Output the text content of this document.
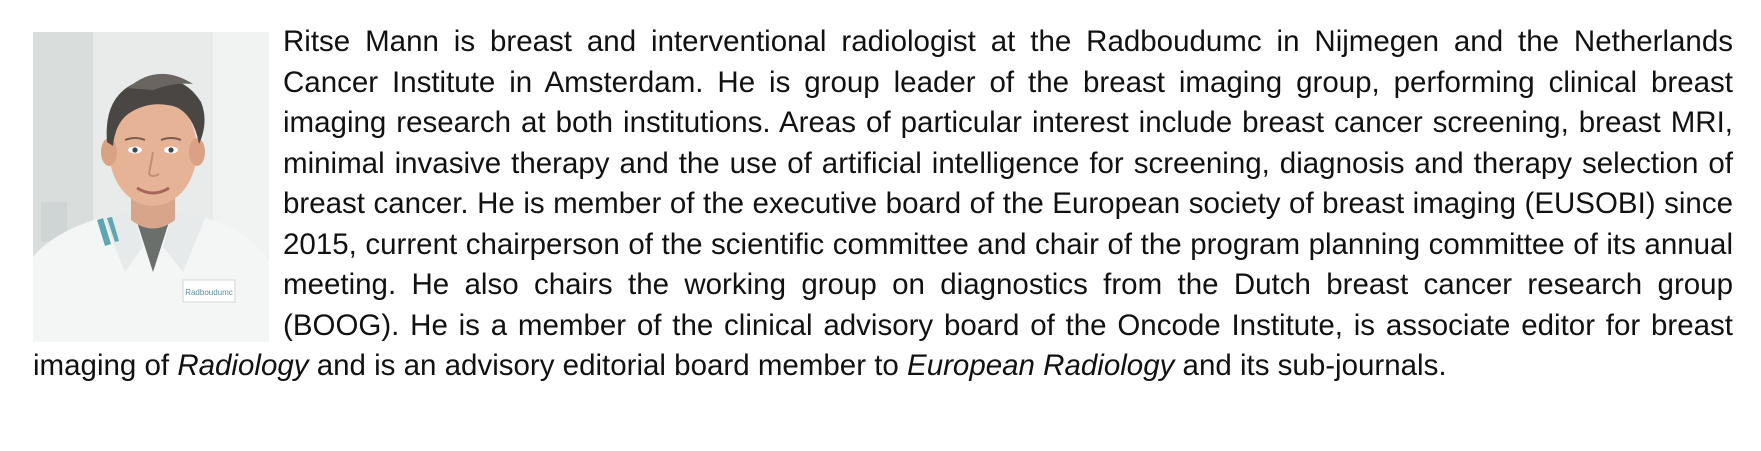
Radboudumc
Ritse Mann is breast and interventional radiologist at the Radboudumc in Nijmegen and the Netherlands Cancer Institute in Amsterdam. He is group leader of the breast imaging group, performing clinical breast imaging research at both institutions. Areas of particular interest include breast cancer screening, breast MRI, minimal invasive therapy and the use of artificial intelligence for screening, diagnosis and therapy selection of breast cancer. He is member of the executive board of the European society of breast imaging (EUSOBI) since 2015, current chairperson of the scientific committee and chair of the program planning committee of its annual meeting. He also chairs the working group on diagnostics from the Dutch breast cancer research group (BOOG). He is a member of the clinical advisory board of the Oncode Institute, is associate editor for breast imaging of Radiology and is an advisory editorial board member to European Radiology and its sub-journals.
